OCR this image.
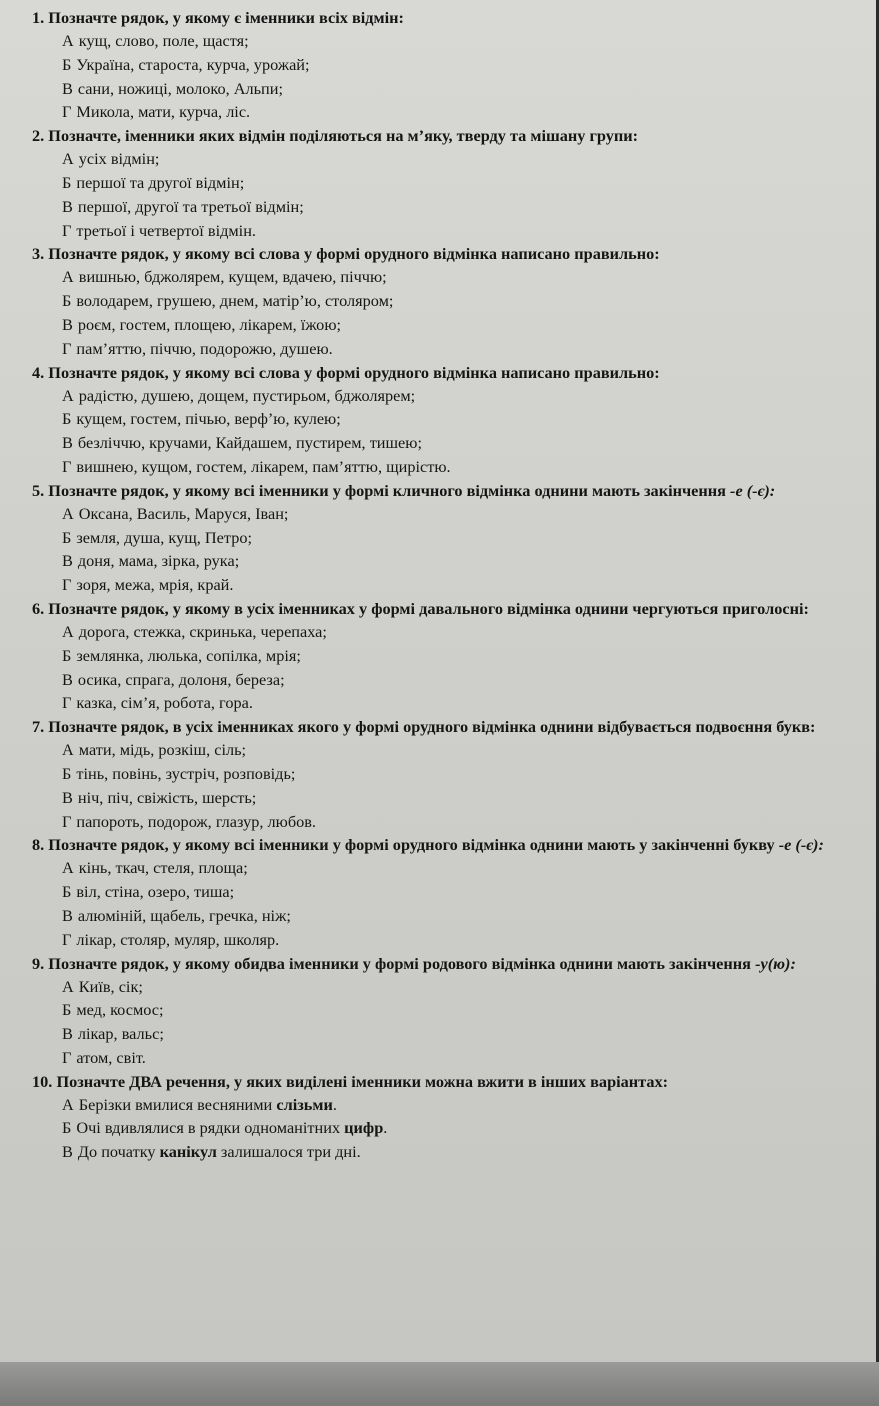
1. Позначте рядок, у якому є іменники всіх відмін:
А кущ, слово, поле, щастя;
Б Україна, староста, курча, урожай;
В сани, ножиці, молоко, Альпи;
Г Микола, мати, курча, ліс.
2. Позначте, іменники яких відмін поділяються на м’яку, тверду та мішану групи:
А усіх відмін;
Б першої та другої відмін;
В першої, другої та третьої відмін;
Г третьої і четвертої відмін.
3. Позначте рядок, у якому всі слова у формі орудного відмінка написано правильно:
А вишнью, бджолярем, кущем, вдачею, піччю;
Б володарем, грушею, днем, матір’ю, столяром;
В роєм, гостем, площею, лікарем, їжою;
Г пам’яттю, піччю, подорожю, душею.
4. Позначте рядок, у якому всі слова у формі орудного відмінка написано правильно:
А радістю, душею, дощем, пустирьом, бджолярем;
Б кущем, гостем, пічью, верф’ю, кулею;
В безліччю, кручами, Кайдашем, пустирем, тишею;
Г вишнею, кущом, гостем, лікарем, пам’яттю, щирістю.
5. Позначте рядок, у якому всі іменники у формі кличного відмінка однини мають закінчення -е (-є):
А Оксана, Василь, Маруся, Іван;
Б земля, душа, кущ, Петро;
В доня, мама, зірка, рука;
Г зоря, межа, мрія, край.
6. Позначте рядок, у якому в усіх іменниках у формі давального відмінка однини чергуються приголосні:
А дорога, стежка, скринька, черепаха;
Б землянка, люлька, сопілка, мрія;
В осика, спрага, долоня, береза;
Г казка, сім’я, робота, гора.
7. Позначте рядок, в усіх іменниках якого у формі орудного відмінка однини відбувається подвоєння букв:
А мати, мідь, розкіш, сіль;
Б тінь, повінь, зустріч, розповідь;
В ніч, піч, свіжість, шерсть;
Г папороть, подорож, глазур, любов.
8. Позначте рядок, у якому всі іменники у формі орудного відмінка однини мають у закінченні букву -е (-є):
А кінь, ткач, стеля, площа;
Б віл, стіна, озеро, тиша;
В алюміній, щабель, гречка, ніж;
Г лікар, столяр, муляр, школяр.
9. Позначте рядок, у якому обидва іменники у формі родового відмінка однини мають закінчення -у(ю):
А Київ, сік;
Б мед, космос;
В лікар, вальс;
Г атом, світ.
10. Позначте ДВА речення, у яких виділені іменники можна вжити в інших варіантах:
А Берізки вмилися весняними слізьми.
Б Очі вдивлялися в рядки одноманітних цифр.
В До початку канікул залишалося три дні.
